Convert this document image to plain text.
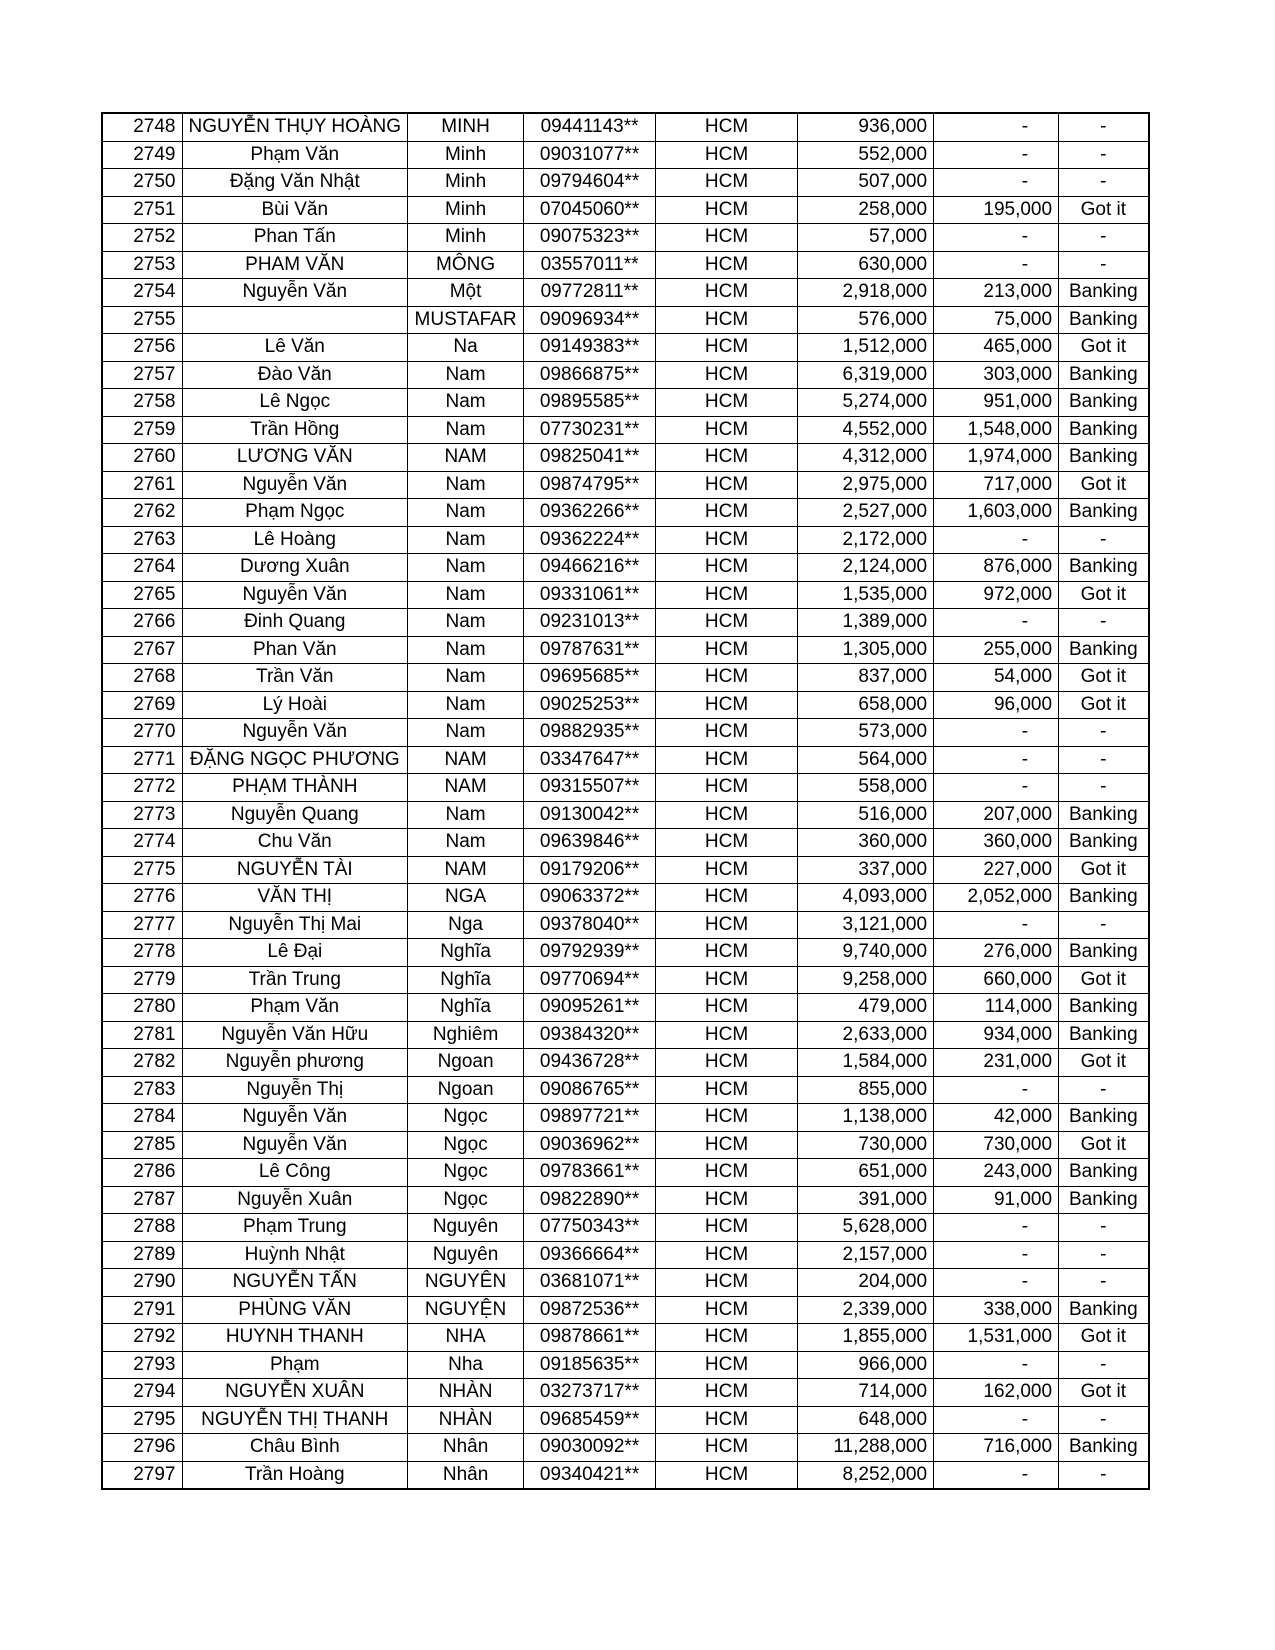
2748	NGUYỄN THỤY HOÀNG	MINH	09441143**	HCM	936,000	-	-
2749	Phạm Văn	Minh	09031077**	HCM	552,000	-	-
2750	Đặng Văn Nhật	Minh	09794604**	HCM	507,000	-	-
2751	Bùi Văn	Minh	07045060**	HCM	258,000	195,000	Got it
2752	Phan Tấn	Minh	09075323**	HCM	57,000	-	-
2753	PHAM VĂN	MÔNG	03557011**	HCM	630,000	-	-
2754	Nguyễn Văn	Một	09772811**	HCM	2,918,000	213,000	Banking
2755		MUSTAFAR	09096934**	HCM	576,000	75,000	Banking
2756	Lê Văn	Na	09149383**	HCM	1,512,000	465,000	Got it
2757	Đào Văn	Nam	09866875**	HCM	6,319,000	303,000	Banking
2758	Lê Ngọc	Nam	09895585**	HCM	5,274,000	951,000	Banking
2759	Trần Hồng	Nam	07730231**	HCM	4,552,000	1,548,000	Banking
2760	LƯƠNG VĂN	NAM	09825041**	HCM	4,312,000	1,974,000	Banking
2761	Nguyễn Văn	Nam	09874795**	HCM	2,975,000	717,000	Got it
2762	Phạm Ngọc	Nam	09362266**	HCM	2,527,000	1,603,000	Banking
2763	Lê Hoàng	Nam	09362224**	HCM	2,172,000	-	-
2764	Dương Xuân	Nam	09466216**	HCM	2,124,000	876,000	Banking
2765	Nguyễn Văn	Nam	09331061**	HCM	1,535,000	972,000	Got it
2766	Đinh Quang	Nam	09231013**	HCM	1,389,000	-	-
2767	Phan Văn	Nam	09787631**	HCM	1,305,000	255,000	Banking
2768	Trần Văn	Nam	09695685**	HCM	837,000	54,000	Got it
2769	Lý Hoài	Nam	09025253**	HCM	658,000	96,000	Got it
2770	Nguyễn Văn	Nam	09882935**	HCM	573,000	-	-
2771	ĐẶNG NGỌC PHƯƠNG	NAM	03347647**	HCM	564,000	-	-
2772	PHẠM THÀNH	NAM	09315507**	HCM	558,000	-	-
2773	Nguyễn Quang	Nam	09130042**	HCM	516,000	207,000	Banking
2774	Chu Văn	Nam	09639846**	HCM	360,000	360,000	Banking
2775	NGUYỄN TÀI	NAM	09179206**	HCM	337,000	227,000	Got it
2776	VĂN THỊ	NGA	09063372**	HCM	4,093,000	2,052,000	Banking
2777	Nguyễn Thị Mai	Nga	09378040**	HCM	3,121,000	-	-
2778	Lê Đại	Nghĩa	09792939**	HCM	9,740,000	276,000	Banking
2779	Trần Trung	Nghĩa	09770694**	HCM	9,258,000	660,000	Got it
2780	Phạm Văn	Nghĩa	09095261**	HCM	479,000	114,000	Banking
2781	Nguyễn Văn Hữu	Nghiêm	09384320**	HCM	2,633,000	934,000	Banking
2782	Nguyễn phương	Ngoan	09436728**	HCM	1,584,000	231,000	Got it
2783	Nguyễn Thị	Ngoan	09086765**	HCM	855,000	-	-
2784	Nguyễn Văn	Ngọc	09897721**	HCM	1,138,000	42,000	Banking
2785	Nguyễn Văn	Ngọc	09036962**	HCM	730,000	730,000	Got it
2786	Lê Công	Ngọc	09783661**	HCM	651,000	243,000	Banking
2787	Nguyễn Xuân	Ngọc	09822890**	HCM	391,000	91,000	Banking
2788	Phạm Trung	Nguyên	07750343**	HCM	5,628,000	-	-
2789	Huỳnh Nhật	Nguyên	09366664**	HCM	2,157,000	-	-
2790	NGUYỄN TẤN	NGUYÊN	03681071**	HCM	204,000	-	-
2791	PHÙNG VĂN	NGUYỆN	09872536**	HCM	2,339,000	338,000	Banking
2792	HUYNH THANH	NHA	09878661**	HCM	1,855,000	1,531,000	Got it
2793	Phạm	Nha	09185635**	HCM	966,000	-	-
2794	NGUYỄN XUÂN	NHÀN	03273717**	HCM	714,000	162,000	Got it
2795	NGUYỄN THỊ THANH	NHÀN	09685459**	HCM	648,000	-	-
2796	Châu Bình	Nhân	09030092**	HCM	11,288,000	716,000	Banking
2797	Trần Hoàng	Nhân	09340421**	HCM	8,252,000	-	-
